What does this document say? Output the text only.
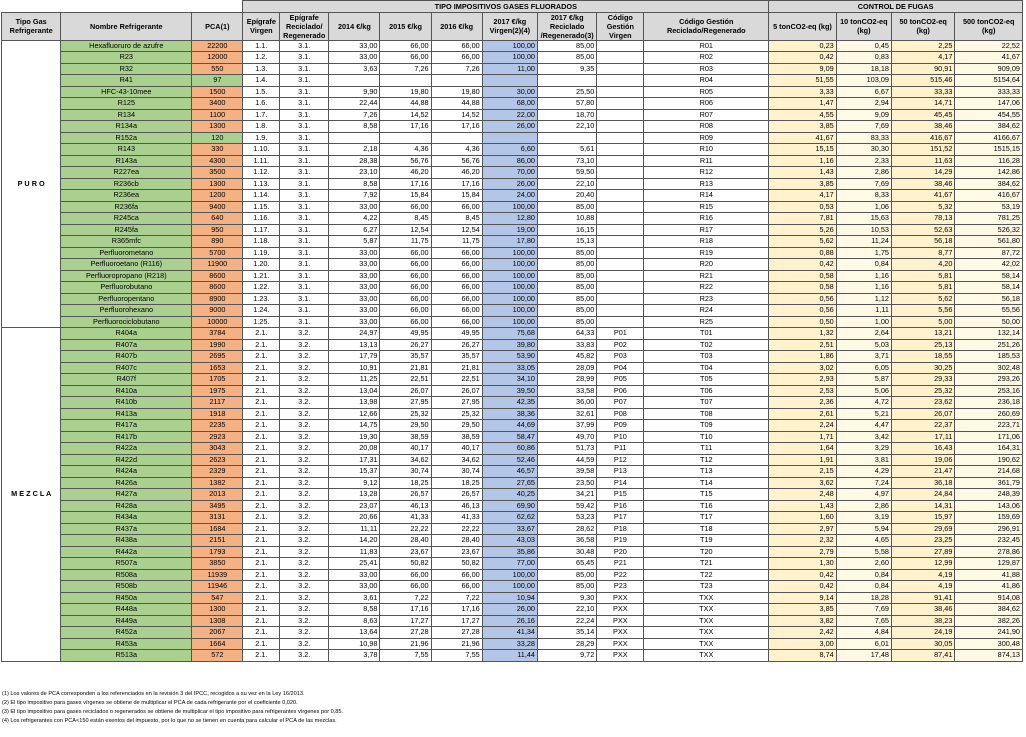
			TIPO IMPOSITIVOS GASES FLUORADOS									CONTROL DE FUGAS			
Tipo Gas Refrigerante	Nombre Refrigerante	PCA(1)	Epígrafe Virgen	Epígrafe Reciclado/ Regenerado	2014 €/kg	2015 €/kg	2016 €/kg	2017 €/kg Virgen(2)(4)	2017 €/kg Reciclado /Regenerado(3)	Código Gestión Virgen	Código Gestión Reciclado/Regenerado	5 tonCO2-eq (kg)	10 tonCO2-eq (kg)	50 tonCO2-eq (kg)	500 tonCO2-eq (kg)
P U R O	Hexafluoruro de azufre	22200	1.1.	3.1.	33,00	66,00	66,00	100,00	85,00		R01	0,23	0,45	2,25	22,52
	R23	12000	1.2.	3.1.	33,00	66,00	66,00	100,00	85,00		R02	0,42	0,83	4,17	41,67
	R32	550	1.3.	3.1.	3,63	7,26	7,26	11,00	9,35		R03	9,09	18,18	90,91	909,09
	R41	97	1.4.	3.1.							R04	51,55	103,09	515,46	5154,64
	HFC-43-10mee	1500	1.5.	3.1.	9,90	19,80	19,80	30,00	25,50		R05	3,33	6,67	33,33	333,33
	R125	3400	1.6.	3.1.	22,44	44,88	44,88	68,00	57,80		R06	1,47	2,94	14,71	147,06
	R134	1100	1.7.	3.1.	7,26	14,52	14,52	22,00	18,70		R07	4,55	9,09	45,45	454,55
	R134a	1300	1.8.	3.1.	8,58	17,16	17,16	26,00	22,10		R08	3,85	7,69	38,46	384,62
	R152a	120	1.9.	3.1.							R09	41,67	83,33	416,67	4166,67
	R143	330	1.10.	3.1.	2,18	4,36	4,36	6,60	5,61		R10	15,15	30,30	151,52	1515,15
	R143a	4300	1.11.	3.1.	28,38	56,76	56,76	86,00	73,10		R11	1,16	2,33	11,63	116,28
	R227ea	3500	1.12.	3.1.	23,10	46,20	46,20	70,00	59,50		R12	1,43	2,86	14,29	142,86
	R236cb	1300	1.13.	3.1.	8,58	17,16	17,16	26,00	22,10		R13	3,85	7,69	38,46	384,62
	R236ea	1200	1.14.	3.1.	7,92	15,84	15,84	24,00	20,40		R14	4,17	8,33	41,67	416,67
	R236fa	9400	1.15.	3.1.	33,00	66,00	66,00	100,00	85,00		R15	0,53	1,06	5,32	53,19
	R245ca	640	1.16.	3.1.	4,22	8,45	8,45	12,80	10,88		R16	7,81	15,63	78,13	781,25
	R245fa	950	1.17.	3.1.	6,27	12,54	12,54	19,00	16,15		R17	5,26	10,53	52,63	526,32
	R365mfc	890	1.18.	3.1.	5,87	11,75	11,75	17,80	15,13		R18	5,62	11,24	56,18	561,80
	Perfluorometano	5700	1.19.	3.1.	33,00	66,00	66,00	100,00	85,00		R19	0,88	1,75	8,77	87,72
	Perfluoroetano (R116)	11900	1.20.	3.1.	33,00	66,00	66,00	100,00	85,00		R20	0,42	0,84	4,20	42,02
	Perfluoropropano (R218)	8600	1.21.	3.1.	33,00	66,00	66,00	100,00	85,00		R21	0,58	1,16	5,81	58,14
	Perfluorobutano	8600	1.22.	3.1.	33,00	66,00	66,00	100,00	85,00		R22	0,58	1,16	5,81	58,14
	Perfluoropentano	8900	1.23.	3.1.	33,00	66,00	66,00	100,00	85,00		R23	0,56	1,12	5,62	56,18
	Perfluorohexano	9000	1.24.	3.1.	33,00	66,00	66,00	100,00	85,00		R24	0,56	1,11	5,56	55,56
	Perfluorociclobutano	10000	1.25.	3.1.	33,00	66,00	66,00	100,00	85,00		R25	0,50	1,00	5,00	50,00
M E Z C L A	R404a	3784	2.1.	3.2.	24,97	49,95	49,95	75,68	64,33	P01	T01	1,32	2,64	13,21	132,14
	R407a	1990	2.1.	3.2.	13,13	26,27	26,27	39,80	33,83	P02	T02	2,51	5,03	25,13	251,26
	R407b	2695	2.1.	3.2.	17,79	35,57	35,57	53,90	45,82	P03	T03	1,86	3,71	18,55	185,53
	R407c	1653	2.1.	3.2.	10,91	21,81	21,81	33,05	28,09	P04	T04	3,02	6,05	30,25	302,48
	R407f	1705	2.1.	3.2.	11,25	22,51	22,51	34,10	28,99	P05	T05	2,93	5,87	29,33	293,26
	R410a	1975	2.1.	3.2.	13,04	26,07	26,07	39,50	33,58	P06	T06	2,53	5,06	25,32	253,16
	R410b	2117	2.1.	3.2.	13,98	27,95	27,95	42,35	36,00	P07	T07	2,36	4,72	23,62	236,18
	R413a	1918	2.1.	3.2.	12,66	25,32	25,32	38,36	32,61	P08	T08	2,61	5,21	26,07	260,69
	R417a	2235	2.1.	3.2.	14,75	29,50	29,50	44,69	37,99	P09	T09	2,24	4,47	22,37	223,71
	R417b	2923	2.1.	3.2.	19,30	38,59	38,59	58,47	49,70	P10	T10	1,71	3,42	17,11	171,06
	R422a	3043	2.1.	3.2.	20,08	40,17	40,17	60,86	51,73	P11	T11	1,64	3,29	16,43	164,31
	R422d	2623	2.1.	3.2.	17,31	34,62	34,62	52,46	44,59	P12	T12	1,91	3,81	19,06	190,62
	R424a	2329	2.1.	3.2.	15,37	30,74	30,74	46,57	39,58	P13	T13	2,15	4,29	21,47	214,68
	R426a	1382	2.1.	3.2.	9,12	18,25	18,25	27,65	23,50	P14	T14	3,62	7,24	36,18	361,79
	R427a	2013	2.1.	3.2.	13,28	26,57	26,57	40,25	34,21	P15	T15	2,48	4,97	24,84	248,39
	R428a	3495	2.1.	3.2.	23,07	46,13	46,13	69,90	59,42	P16	T16	1,43	2,86	14,31	143,06
	R434a	3131	2.1.	3.2.	20,66	41,33	41,33	62,62	53,23	P17	T17	1,60	3,19	15,97	159,69
	R437a	1684	2.1.	3.2.	11,11	22,22	22,22	33,67	28,62	P18	T18	2,97	5,94	29,69	296,91
	R438a	2151	2.1.	3.2.	14,20	28,40	28,40	43,03	36,58	P19	T19	2,32	4,65	23,25	232,45
	R442a	1793	2.1.	3.2.	11,83	23,67	23,67	35,86	30,48	P20	T20	2,79	5,58	27,89	278,86
	R507a	3850	2.1.	3.2.	25,41	50,82	50,82	77,00	65,45	P21	T21	1,30	2,60	12,99	129,87
	R508a	11939	2.1.	3.2.	33,00	66,00	66,00	100,00	85,00	P22	T22	0,42	0,84	4,19	41,88
	R508b	11946	2.1.	3.2.	33,00	66,00	66,00	100,00	85,00	P23	T23	0,42	0,84	4,19	41,86
	R450a	547	2.1.	3.2.	3,61	7,22	7,22	10,94	9,30	PXX	TXX	9,14	18,28	91,41	914,08
	R448a	1300	2.1.	3.2.	8,58	17,16	17,16	26,00	22,10	PXX	TXX	3,85	7,69	38,46	384,62
	R449a	1308	2.1.	3.2.	8,63	17,27	17,27	26,16	22,24	PXX	TXX	3,82	7,65	38,23	382,26
	R452a	2067	2.1.	3.2.	13,64	27,28	27,28	41,34	35,14	PXX	TXX	2,42	4,84	24,19	241,90
	R453a	1664	2.1.	3.2.	10,98	21,96	21,96	33,28	28,29	PXX	TXX	3,00	6,01	30,05	300,48
	R513a	572	2.1.	3.2.	3,78	7,55	7,55	11,44	9,72	PXX	TXX	8,74	17,48	87,41	874,13
(1) Los valores de PCA corresponden a los referenciados en la revisión 3 del IPCC, recogidos a su vez en la Ley 16/2013.
(2) El tipo impositivo para gases vírgenes se obtiene de multiplicar el PCA de cada refrigerante por el coeficiente 0,020.
(3) El tipo impositivo para gases reciclados o regenerados se obtiene de multiplicar el tipo impositivo para refrigerantes vírgenes por 0,85.
(4) Los refrigerantes con PCA<150 están exentos del impuesto, por lo que no se tienen en cuenta para calcular el PCA de las mezclas.
